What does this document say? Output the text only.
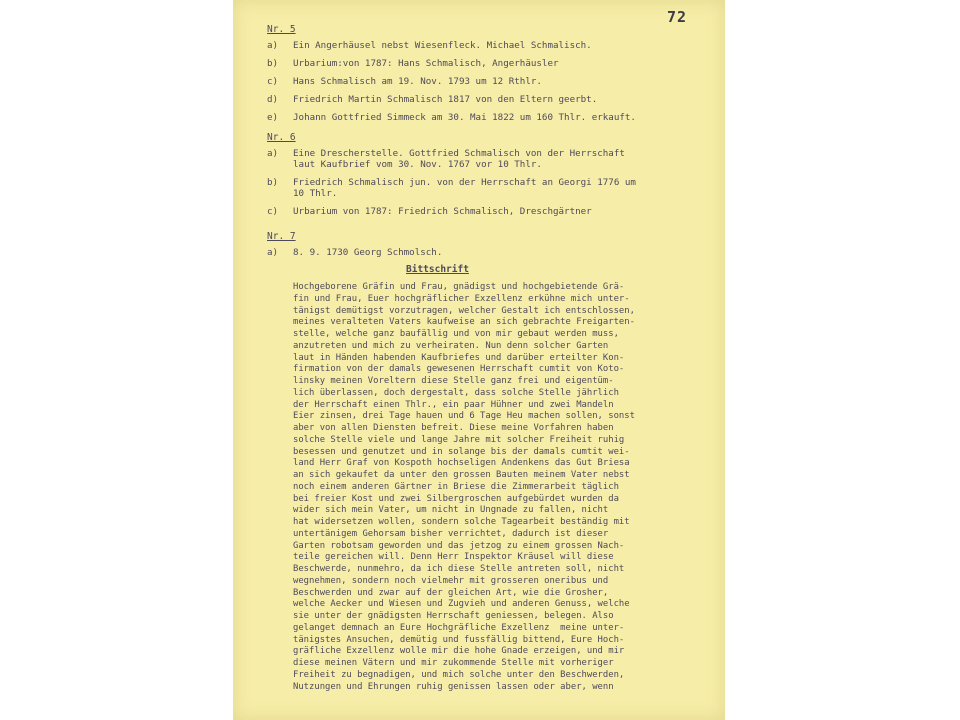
72
Nr. 5
a)	Ein Angerhäusel nebst Wiesenfleck. Michael Schmalisch.
b)	Urbarium:von 1787: Hans Schmalisch, Angerhäusler
c)	Hans Schmalisch am 19. Nov. 1793 um 12 Rthlr.
d)	Friedrich Martin Schmalisch 1817 von den Eltern geerbt.
e)	Johann Gottfried Simmeck am 30. Mai 1822 um 160 Thlr. erkauft.
Nr. 6
a)	Eine Drescherstelle. Gottfried Schmalisch von der Herrschaft
laut Kaufbrief vom 30. Nov. 1767 vor 10 Thlr.
b)	Friedrich Schmalisch jun. von der Herrschaft an Georgi 1776 um
10 Thlr.
c)	Urbarium von 1787: Friedrich Schmalisch, Dreschgärtner
Nr. 7
a)	8. 9. 1730 Georg Schmolsch.
Bittschrift
Hochgeborene Gräfin und Frau, gnädigst und hochgebietende Grä-
fin und Frau, Euer hochgräflicher Exzellenz erkühne mich unter-
tänigst demütigst vorzutragen, welcher Gestalt ich entschlossen,
meines veralteten Vaters kaufweise an sich gebrachte Freigarten-
stelle, welche ganz baufällig und von mir gebaut werden muss,
anzutreten und mich zu verheiraten. Nun denn solcher Garten
laut in Händen habenden Kaufbriefes und darüber erteilter Kon-
firmation von der damals gewesenen Herrschaft cumtit von Koto-
linsky meinen Voreltern diese Stelle ganz frei und eigentüm-
lich überlassen, doch dergestalt, dass solche Stelle jährlich
der Herrschaft einen Thlr., ein paar Hühner und zwei Mandeln
Eier zinsen, drei Tage hauen und 6 Tage Heu machen sollen, sonst
aber von allen Diensten befreit. Diese meine Vorfahren haben
solche Stelle viele und lange Jahre mit solcher Freiheit ruhig
besessen und genutzet und in solange bis der damals cumtit wei-
land Herr Graf von Kospoth hochseligen Andenkens das Gut Briesa
an sich gekaufet da unter den grossen Bauten meinem Vater nebst
noch einem anderen Gärtner in Briese die Zimmerarbeit täglich
bei freier Kost und zwei Silbergroschen aufgebürdet wurden da
wider sich mein Vater, um nicht in Ungnade zu fallen, nicht
hat widersetzen wollen, sondern solche Tagearbeit beständig mit
untertänigem Gehorsam bisher verrichtet, dadurch ist dieser
Garten robotsam geworden und das jetzog zu einem grossen Nach-
teile gereichen will. Denn Herr Inspektor Kräusel will diese
Beschwerde, nunmehro, da ich diese Stelle antreten soll, nicht
wegnehmen, sondern noch vielmehr mit grosseren oneribus und
Beschwerden und zwar auf der gleichen Art, wie die Grosher,
welche Aecker und Wiesen und Zugvieh und anderen Genuss, welche
sie unter der gnädigsten Herrschaft geniessen, belegen. Also
gelanget demnach an Eure Hochgräfliche Exzellenz  meine unter-
tänigstes Ansuchen, demütig und fussfällig bittend, Eure Hoch-
gräfliche Exzellenz wolle mir die hohe Gnade erzeigen, und mir
diese meinen Vätern und mir zukommende Stelle mit vorheriger
Freiheit zu begnadigen, und mich solche unter den Beschwerden,
Nutzungen und Ehrungen ruhig genissen lassen oder aber, wenn
